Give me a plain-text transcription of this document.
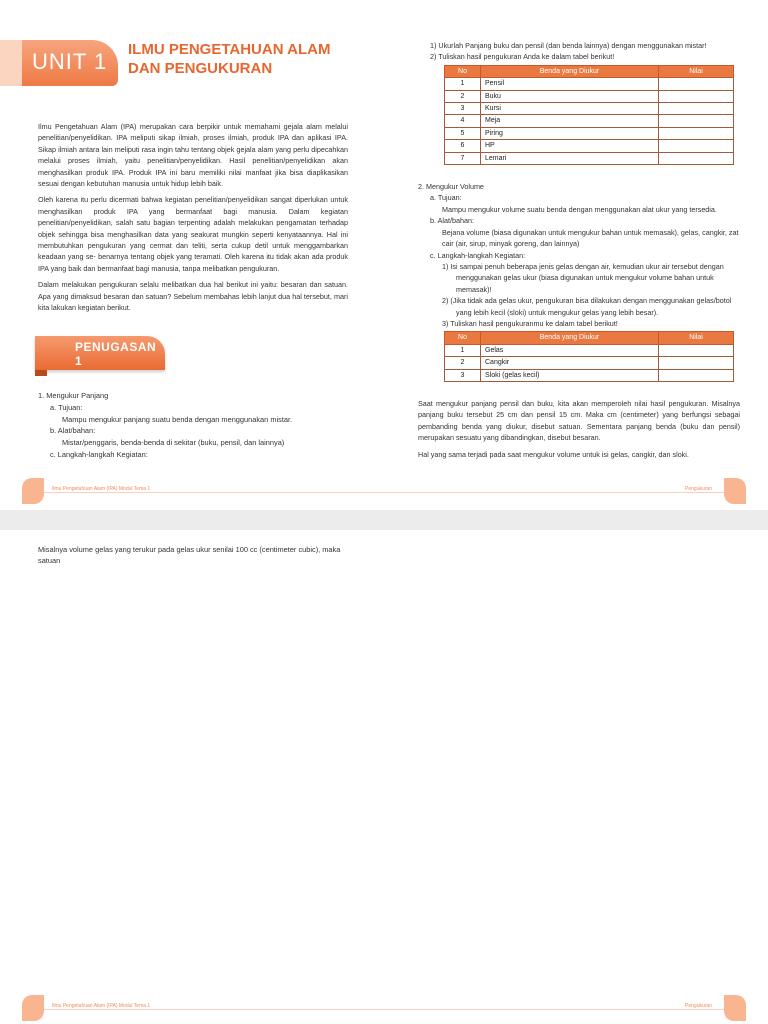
UNIT 1	ILMU PENGETAHUAN ALAM
DAN PENGUKURAN

Ilmu Pengetahuan Alam (IPA) merupakan cara berpikir untuk memahami gejala alam melalui penelitian/penyelidikan. IPA meliputi sikap ilmiah, proses ilmiah, produk IPA dan aplikasi IPA. Sikap ilmiah antara lain meliputi rasa ingin tahu tentang objek gejala alam yang perlu dipecahkan melalui proses ilmiah, yaitu penelitian/penyelidikan. Hasil penelitian/penyelidikan akan menghasilkan produk IPA. Produk IPA ini baru memiliki nilai manfaat jika bisa diaplikasikan sesuai dengan kebutuhan manusia untuk hidup lebih baik.

Oleh karena itu perlu dicermati bahwa kegiatan penelitian/penyelidikan sangat diperlukan untuk menghasilkan produk IPA yang bermanfaat bagi manusia. Dalam kegiatan penelitian/penyelidikan, salah satu bagian terpenting adalah melakukan pengamatan terhadap objek sehingga bisa menghasilkan data yang seakurat mungkin seperti kenyataannya. Hal ini membutuhkan pengukuran yang cermat dan teliti, serta cukup detil untuk menggambarkan keadaan yang se- benarnya tentang objek yang teramati. Oleh karena itu tidak akan ada produk IPA yang baik dan bermanfaat bagi manusia, tanpa melibatkan pengukuran.

Dalam melakukan pengukuran selalu melibatkan dua hal berikut ini yaitu: besaran dan satuan. Apa yang dimaksud besaran dan satuan? Sebelum membahas lebih lanjut dua hal tersebut, mari kita lakukan kegiatan berikut.

PENUGASAN 1
1. Mengukur Panjang
a. Tujuan:
Mampu mengukur panjang suatu benda dengan menggunakan mistar.
b. Alat/bahan:
Mistar/penggaris, benda-benda di sekitar (buku, pensil, dan lainnya)
c. Langkah-langkah Kegiatan:
1) Ukurlah Panjang buku dan pensil (dan benda lainnya) dengan menggunakan mistar!
2) Tuliskan hasil pengukuran Anda ke dalam tabel berikut!
No	Benda yang Diukur	Nilai
1	Pensil	
2	Buku	
3	Kursi	
4	Meja	
5	Piring	
6	HP	
7	Lemari	
2. Mengukur Volume
a. Tujuan:
Mampu mengukur volume suatu benda dengan menggunakan alat ukur yang tersedia.
b. Alat/bahan:
Bejana volume (biasa digunakan untuk mengukur bahan untuk memasak), gelas, cangkir, zat cair (air, sirup, minyak goreng, dan lainnya)
c. Langkah-langkah Kegiatan:
1) Isi sampai penuh beberapa jenis gelas dengan air, kemudian ukur air tersebut dengan menggunakan gelas ukur (biasa digunakan untuk mengukur volume bahan untuk memasak)!
2) (Jika tidak ada gelas ukur, pengukuran bisa dilakukan dengan menggunakan gelas/botol yang lebih kecil (sloki) untuk mengukur gelas yang lebih besar).
3) Tuliskan hasil pengukuranmu ke dalam tabel berikut!
No	Benda yang Diukur	Nilai
1	Gelas	
2	Cangkir	
3	Sloki (gelas kecil)	

Saat mengukur panjang pensil dan buku, kita akan memperoleh nilai hasil pengukuran. Misalnya panjang buku tersebut 25 cm dan pensil 15 cm. Maka cm (centimeter) yang berfungsi sebagai pembanding benda yang diukur, disebut satuan. Sementara panjang benda (buku dan pensil) merupakan sesuatu yang dibandingkan, disebut besaran.

Hal yang sama terjadi pada saat mengukur volume untuk isi gelas, cangkir, dan sloki.

Ilmu Pengetahuan Alam (IPA) Modul Tema 1	Pengukuran
Ilmu Pengetahuan Alam (IPA) Modul Tema 1	Pengukuran
Misalnya volume gelas yang terukur pada gelas ukur senilai 100 cc (centimeter cubic), maka satuan
